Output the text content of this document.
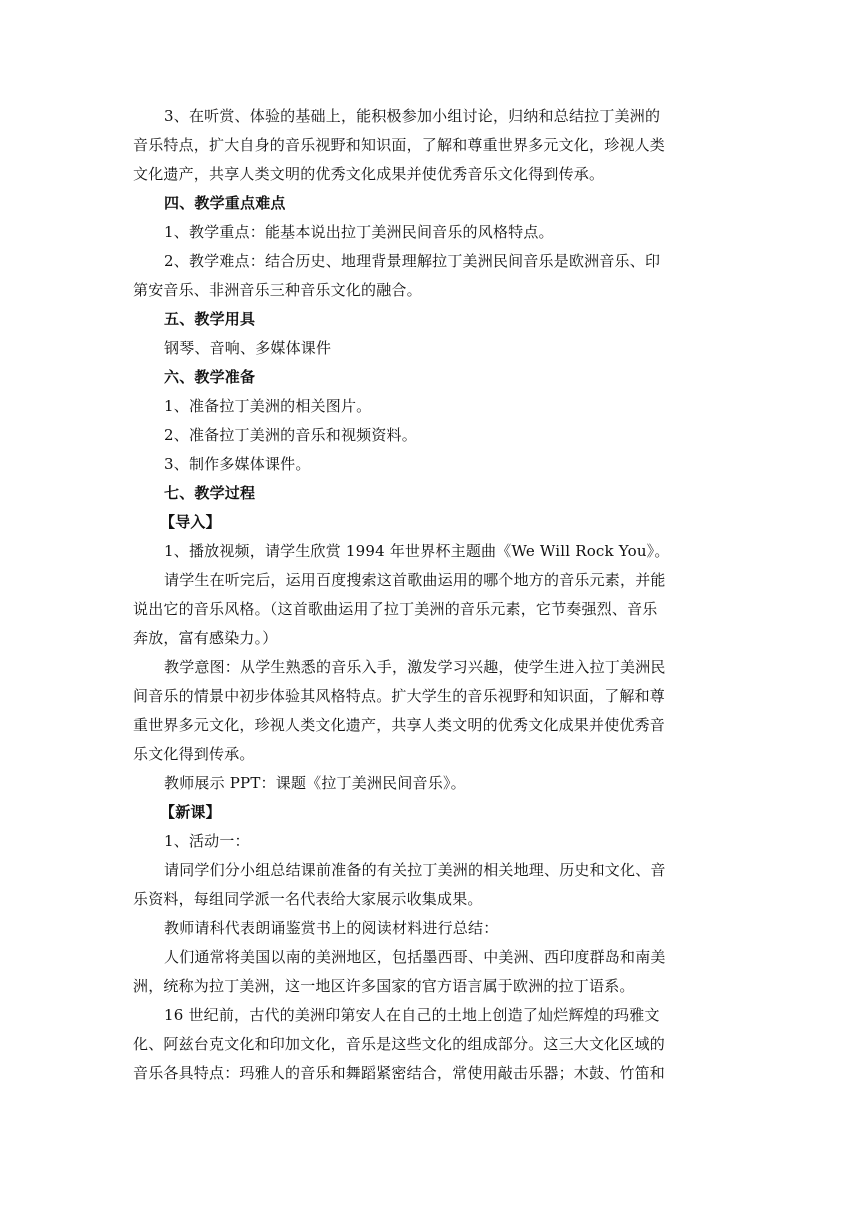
3、在听赏、体验的基础上，能积极参加小组讨论，归纳和总结拉丁美洲的
音乐特点，扩大自身的音乐视野和知识面，了解和尊重世界多元文化，珍视人类
文化遗产，共享人类文明的优秀文化成果并使优秀音乐文化得到传承。
四、教学重点难点
1、教学重点：能基本说出拉丁美洲民间音乐的风格特点。
2、教学难点：结合历史、地理背景理解拉丁美洲民间音乐是欧洲音乐、印
第安音乐、非洲音乐三种音乐文化的融合。
五、教学用具
钢琴、音响、多媒体课件
六、教学准备
1、准备拉丁美洲的相关图片。
2、准备拉丁美洲的音乐和视频资料。
3、制作多媒体课件。
七、教学过程
【导入】
1、播放视频，请学生欣赏 1994 年世界杯主题曲《We Will Rock You》。
请学生在听完后，运用百度搜索这首歌曲运用的哪个地方的音乐元素，并能
说出它的音乐风格。（这首歌曲运用了拉丁美洲的音乐元素，它节奏强烈、音乐
奔放，富有感染力。）
教学意图：从学生熟悉的音乐入手，激发学习兴趣，使学生进入拉丁美洲民
间音乐的情景中初步体验其风格特点。扩大学生的音乐视野和知识面，了解和尊
重世界多元文化，珍视人类文化遗产，共享人类文明的优秀文化成果并使优秀音
乐文化得到传承。
教师展示 PPT：课题《拉丁美洲民间音乐》。
【新课】
1、活动一：
请同学们分小组总结课前准备的有关拉丁美洲的相关地理、历史和文化、音
乐资料，每组同学派一名代表给大家展示收集成果。
教师请科代表朗诵鉴赏书上的阅读材料进行总结：
人们通常将美国以南的美洲地区，包括墨西哥、中美洲、西印度群岛和南美
洲，统称为拉丁美洲，这一地区许多国家的官方语言属于欧洲的拉丁语系。
16 世纪前，古代的美洲印第安人在自己的土地上创造了灿烂辉煌的玛雅文
化、阿兹台克文化和印加文化，音乐是这些文化的组成部分。这三大文化区域的
音乐各具特点：玛雅人的音乐和舞蹈紧密结合，常使用敲击乐器；木鼓、竹笛和
